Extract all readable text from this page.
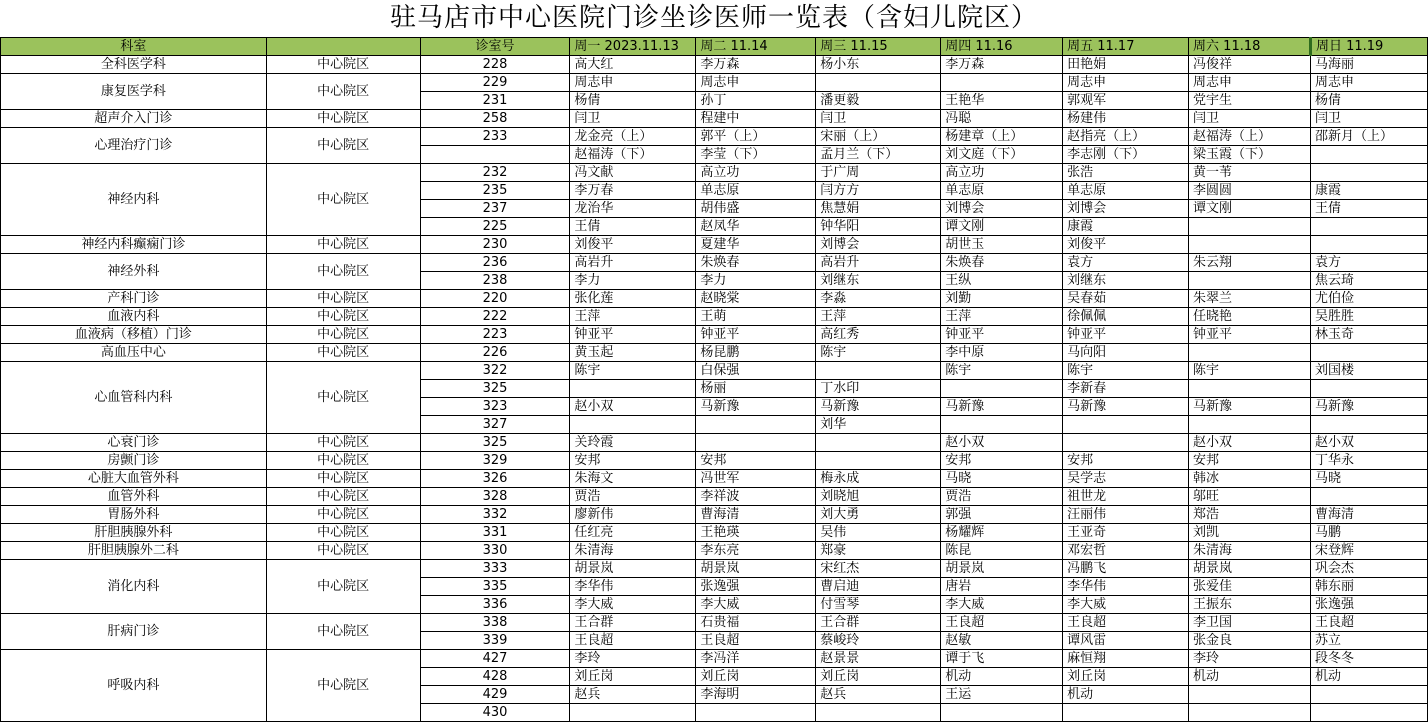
驻马店市中心医院门诊坐诊医师一览表（含妇儿院区）
科室		诊室号	周一 2023.11.13	周二 11.14	周三 11.15	周四 11.16	周五 11.17	周六 11.18	周日 11.19
全科医学科	中心院区	228	高大红	李万森	杨小东	李万森	田艳娟	冯俊祥	马海丽
康复医学科	中心院区	229	周志申	周志申			周志申	周志申	周志申
		231	杨倩	孙丁	潘更毅	王艳华	郭观军	党宇生	杨倩
超声介入门诊	中心院区	258	闫卫	程建中	闫卫	冯聪	杨建伟	闫卫	闫卫
心理治疗门诊	中心院区	233	龙金亮（上）	郭平（上）	宋丽（上）	杨建章（上）	赵指亮（上）	赵福涛（上）	邵新月（上）
			赵福涛（下）	李莹（下）	孟月兰（下）	刘文庭（下）	李志刚（下）	梁玉霞（下）	
神经内科	中心院区	232	冯文献	高立功	于广周	高立功	张浩	黄一苇	
		235	李万春	单志原	闫方方	单志原	单志原	李圆圆	康霞
		237	龙治华	胡伟盛	焦慧娟	刘博会	刘博会	谭文刚	王倩
		225	王倩	赵凤华	钟华阳	谭文刚	康霞		
神经内科癫痫门诊	中心院区	230	刘俊平	夏建华	刘博会	胡世玉	刘俊平		
神经外科	中心院区	236	高岩升	朱焕春	高岩升	朱焕春	袁方	朱云翔	袁方
		238	李力	李力	刘继东	王纵	刘继东		焦云琦
产科门诊	中心院区	220	张化莲	赵晓棠	李淼	刘勤	吴春茹	朱翠兰	尤伯俭
血液内科	中心院区	222	王萍	王萌	王萍	王萍	徐佩佩	任晓艳	吴胜胜
血液病（移植）门诊	中心院区	223	钟亚平	钟亚平	高红秀	钟亚平	钟亚平	钟亚平	林玉奇
高血压中心	中心院区	226	黄玉起	杨昆鹏	陈宇	李中原	马向阳		
心血管科内科	中心院区	322	陈宇	白保强		陈宇	陈宇	陈宇	刘国楼
		325		杨丽	丁水印		李新春		
		323	赵小双	马新豫	马新豫	马新豫	马新豫	马新豫	马新豫
		327			刘华				
心衰门诊	中心院区	325	关玲霞			赵小双		赵小双	赵小双
房颤门诊	中心院区	329	安邦	安邦		安邦	安邦	安邦	丁华永
心脏大血管外科	中心院区	326	朱海文	冯世军	梅永成	马晓	吴学志	韩冰	马晓
血管外科	中心院区	328	贾浩	李祥波	刘晓旭	贾浩	祖世龙	邬旺	
胃肠外科	中心院区	332	廖新伟	曹海清	刘大勇	郭强	汪丽伟	郑浩	曹海清
肝胆胰腺外科	中心院区	331	任红亮	王艳瑛	吴伟	杨耀辉	王亚奇	刘凯	马鹏
肝胆胰腺外二科	中心院区	330	朱清海	李东亮	郑豪	陈昆	邓宏哲	朱清海	宋登辉
消化内科	中心院区	333	胡景岚	胡景岚	宋红杰	胡景岚	冯鹏飞	胡景岚	巩会杰
		335	李华伟	张逸强	曹启迪	唐岩	李华伟	张爱佳	韩东丽
		336	李大威	李大威	付雪琴	李大威	李大威	王振东	张逸强
肝病门诊	中心院区	338	王合群	石贵福	王合群	王良超	王良超	李卫国	王良超
		339	王良超	王良超	蔡峻玲	赵敏	谭风雷	张金良	苏立
呼吸内科	中心院区	427	李玲	李冯洋	赵景景	谭于飞	麻恒翔	李玲	段冬冬
		428	刘丘岗	刘丘岗	刘丘岗	机动	刘丘岗	机动	机动
		429	赵兵	李海明	赵兵	王运	机动		
		430							
